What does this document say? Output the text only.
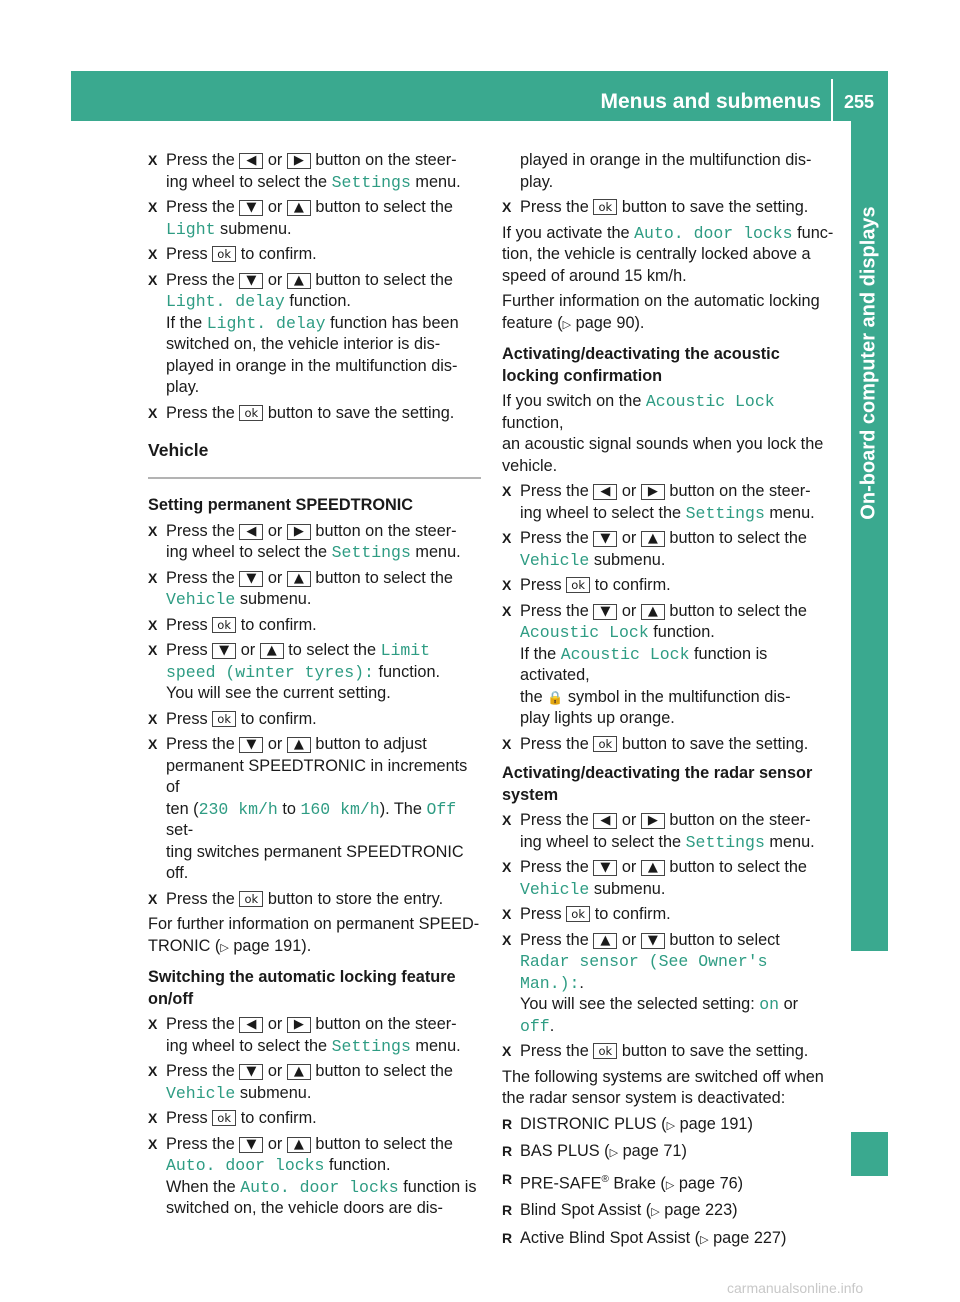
Menus and submenus 255
On-board computer and displays
X Press the ◀ or ▶ button on the steer-
ing wheel to select the Settings menu.
X Press the ▼ or ▲ button to select the
Light submenu.
X Press ok to confirm.
X Press the ▼ or ▲ button to select the
Light. delay function.
If the Light. delay function has been
switched on, the vehicle interior is dis-
played in orange in the multifunction dis-
play.
X Press the ok button to save the setting.
Vehicle
Setting permanent SPEEDTRONIC
X Press the ◀ or ▶ button on the steer-
ing wheel to select the Settings menu.
X Press the ▼ or ▲ button to select the
Vehicle submenu.
X Press ok to confirm.
X Press ▼ or ▲ to select the Limit
speed (winter tyres): function.
You will see the current setting.
X Press ok to confirm.
X Press the ▼ or ▲ button to adjust
permanent SPEEDTRONIC in increments of
ten (230 km/h to 160 km/h). The Off set-
ting switches permanent SPEEDTRONIC
off.
X Press the ok button to store the entry.
For further information on permanent SPEED-
TRONIC (▷ page 191).
Switching the automatic locking feature
on/off
X Press the ◀ or ▶ button on the steer-
ing wheel to select the Settings menu.
X Press the ▼ or ▲ button to select the
Vehicle submenu.
X Press ok to confirm.
X Press the ▼ or ▲ button to select the
Auto. door locks function.
When the Auto. door locks function is
switched on, the vehicle doors are dis-
played in orange in the multifunction dis-
play.
X Press the ok button to save the setting.
If you activate the Auto. door locks func-
tion, the vehicle is centrally locked above a
speed of around 15 km/h.
Further information on the automatic locking
feature (▷ page 90).
Activating/deactivating the acoustic
locking confirmation
If you switch on the Acoustic Lock function,
an acoustic signal sounds when you lock the
vehicle.
X Press the ◀ or ▶ button on the steer-
ing wheel to select the Settings menu.
X Press the ▼ or ▲ button to select the
Vehicle submenu.
X Press ok to confirm.
X Press the ▼ or ▲ button to select the
Acoustic Lock function.
If the Acoustic Lock function is activated,
the 🔒 symbol in the multifunction dis-
play lights up orange.
X Press the ok button to save the setting.
Activating/deactivating the radar sensor
system
X Press the ◀ or ▶ button on the steer-
ing wheel to select the Settings menu.
X Press the ▼ or ▲ button to select the
Vehicle submenu.
X Press ok to confirm.
X Press the ▲ or ▼ button to select
Radar sensor (See Owner's Man.):.
You will see the selected setting: on or off.
X Press the ok button to save the setting.
The following systems are switched off when
the radar sensor system is deactivated:
R DISTRONIC PLUS (▷ page 191)
R BAS PLUS (▷ page 71)
R PRE-SAFE® Brake (▷ page 76)
R Blind Spot Assist (▷ page 223)
R Active Blind Spot Assist (▷ page 227)
carmanualsonline.info
